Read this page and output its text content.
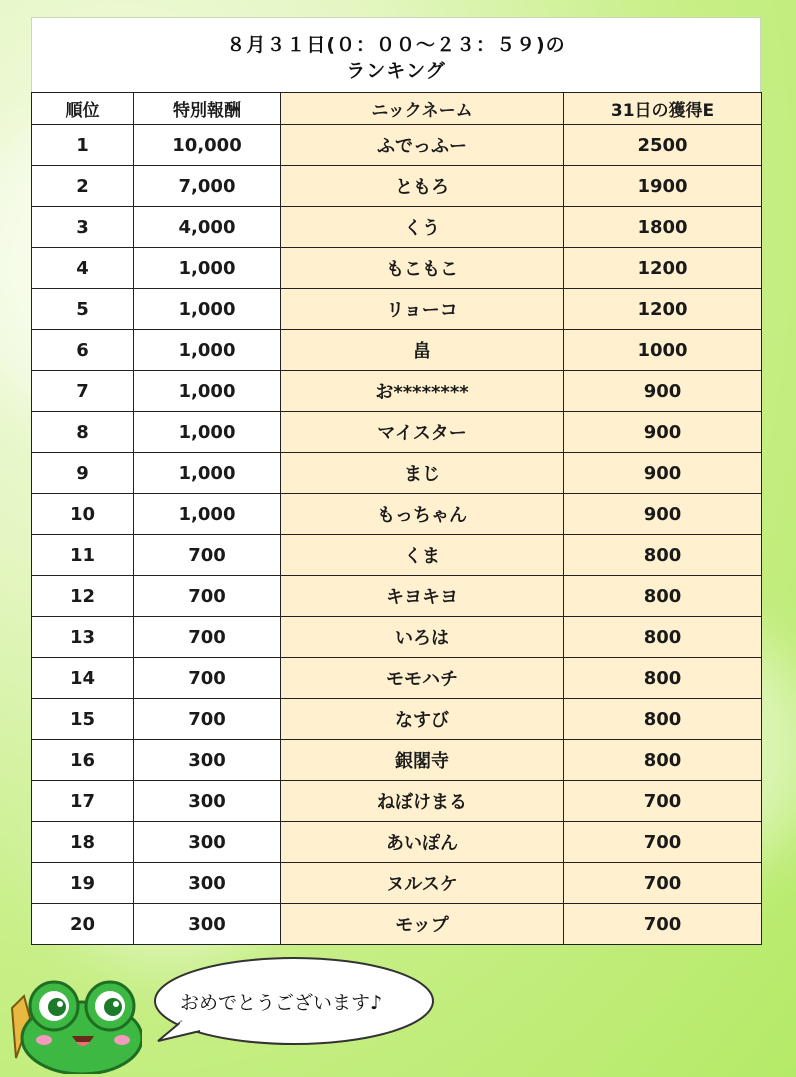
８月３１日(０：００～２３：５９)の
ランキング
順位	特別報酬	ニックネーム	31日の獲得E
1	10,000	ふでっふー	2500
2	7,000	ともろ	1900
3	4,000	くう	1800
4	1,000	もこもこ	1200
5	1,000	リョーコ	1200
6	1,000	畠	1000
7	1,000	お********	900
8	1,000	マイスター	900
9	1,000	まじ	900
10	1,000	もっちゃん	900
11	700	くま	800
12	700	キヨキヨ	800
13	700	いろは	800
14	700	モモハチ	800
15	700	なすび	800
16	300	銀閣寺	800
17	300	ねぼけまる	700
18	300	あいぽん	700
19	300	ヌルスケ	700
20	300	モップ	700
おめでとうございます♪
